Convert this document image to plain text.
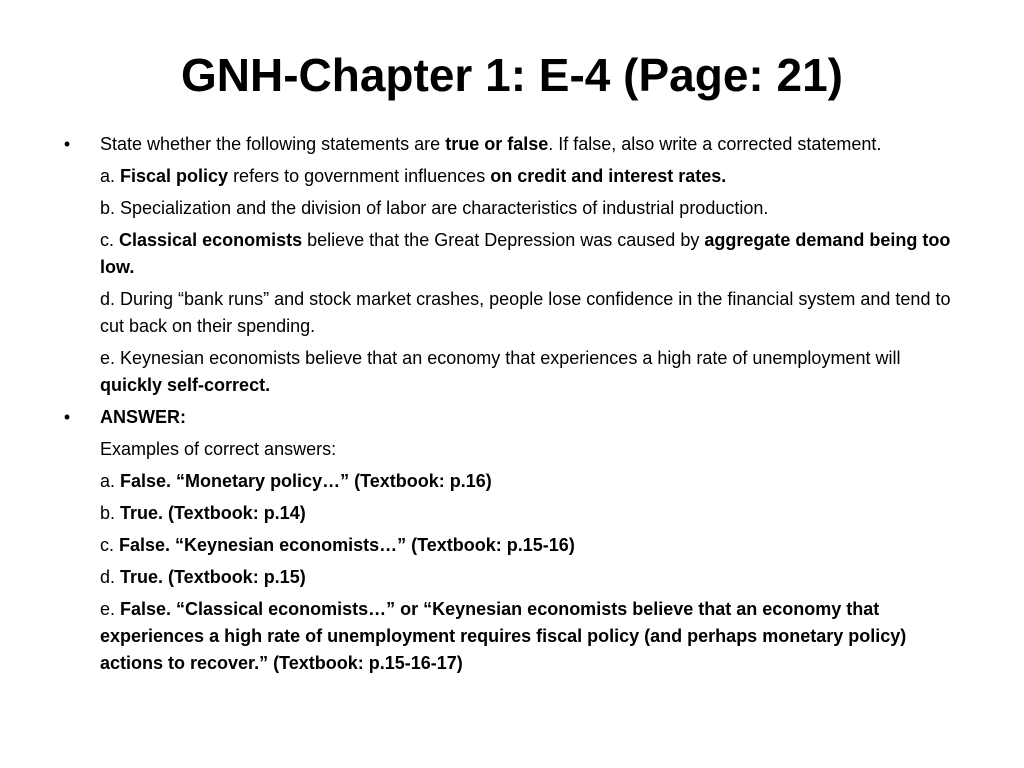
GNH-Chapter 1: E-4 (Page: 21)
• State whether the following statements are true or false. If false, also write a corrected statement.
a. Fiscal policy refers to government influences on credit and interest rates.
b. Specialization and the division of labor are characteristics of industrial production.
c. Classical economists believe that the Great Depression was caused by aggregate demand being too low.
d. During “bank runs” and stock market crashes, people lose confidence in the financial system and tend to cut back on their spending.
e. Keynesian economists believe that an economy that experiences a high rate of unemployment will quickly self-correct.
• ANSWER:
Examples of correct answers:
a. False. “Monetary policy…” (Textbook: p.16)
b. True. (Textbook: p.14)
c. False. “Keynesian economists…” (Textbook: p.15-16)
d. True. (Textbook: p.15)
e. False. “Classical economists…” or “Keynesian economists believe that an economy that experiences a high rate of unemployment requires fiscal policy (and perhaps monetary policy) actions to recover.” (Textbook: p.15-16-17)
